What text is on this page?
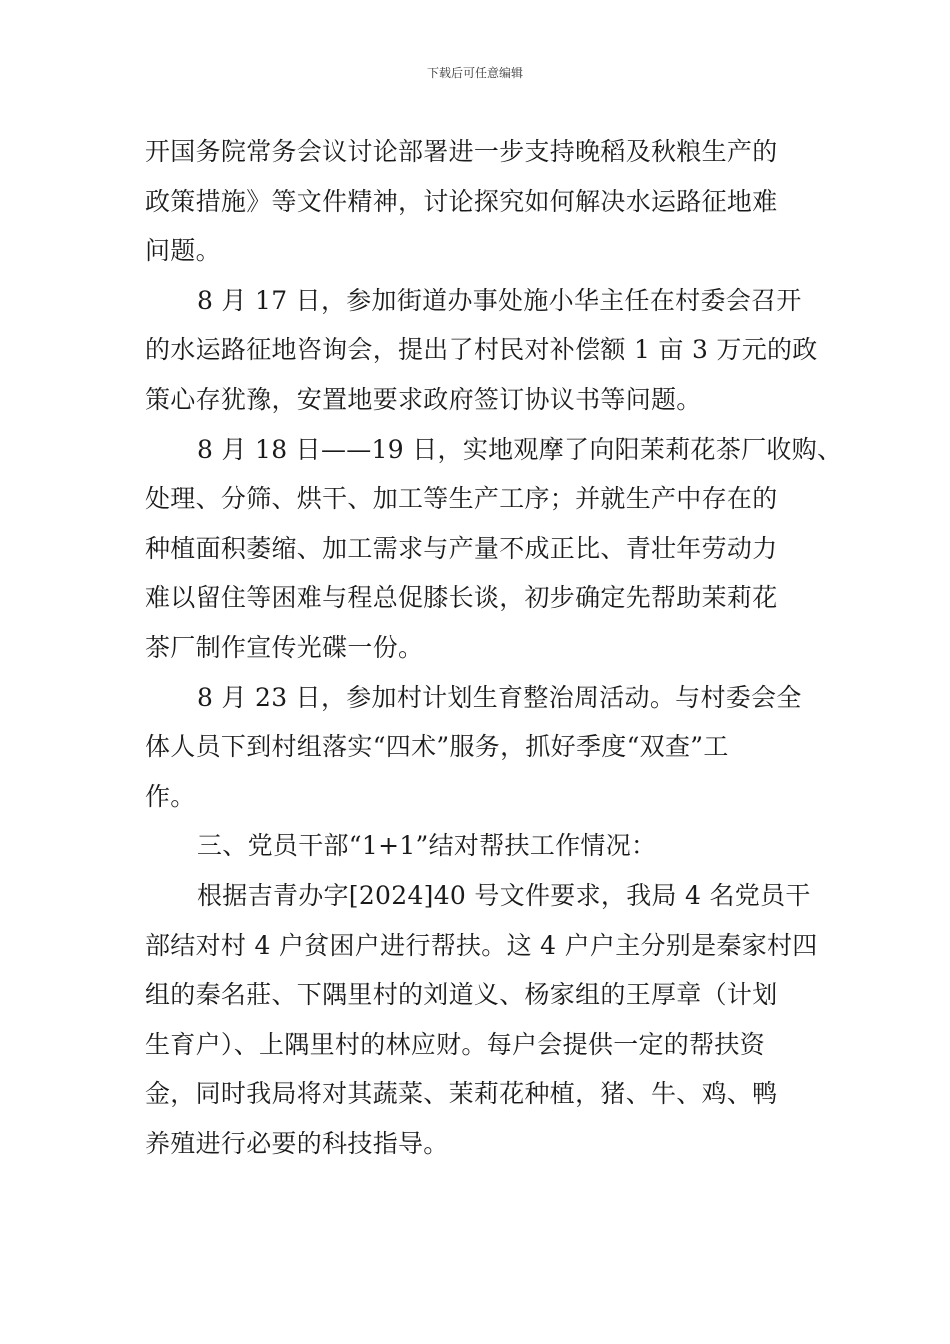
下载后可任意编辑

开国务院常务会议讨论部署进一步支持晚稻及秋粮生产的
政策措施》等文件精神，讨论探究如何解决水运路征地难
问题。

8 月 17 日，参加街道办事处施小华主任在村委会召开
的水运路征地咨询会，提出了村民对补偿额 1 亩 3 万元的政
策心存犹豫，安置地要求政府签订协议书等问题。

8 月 18 日——19 日，实地观摩了向阳茉莉花茶厂收购、
处理、分筛、烘干、加工等生产工序；并就生产中存在的
种植面积萎缩、加工需求与产量不成正比、青壮年劳动力
难以留住等困难与程总促膝长谈，初步确定先帮助茉莉花
茶厂制作宣传光碟一份。

8 月 23 日，参加村计划生育整治周活动。与村委会全
体人员下到村组落实“四术”服务，抓好季度“双查”工
作。

三、党员干部“1+1”结对帮扶工作情况：

根据吉青办字[2024]40 号文件要求，我局 4 名党员干
部结对村 4 户贫困户进行帮扶。这 4 户户主分别是秦家村四
组的秦名莊、下隅里村的刘道义、杨家组的王厚章（计划
生育户）、上隅里村的林应财。每户会提供一定的帮扶资
金，同时我局将对其蔬菜、茉莉花种植，猪、牛、鸡、鸭
养殖进行必要的科技指导。
